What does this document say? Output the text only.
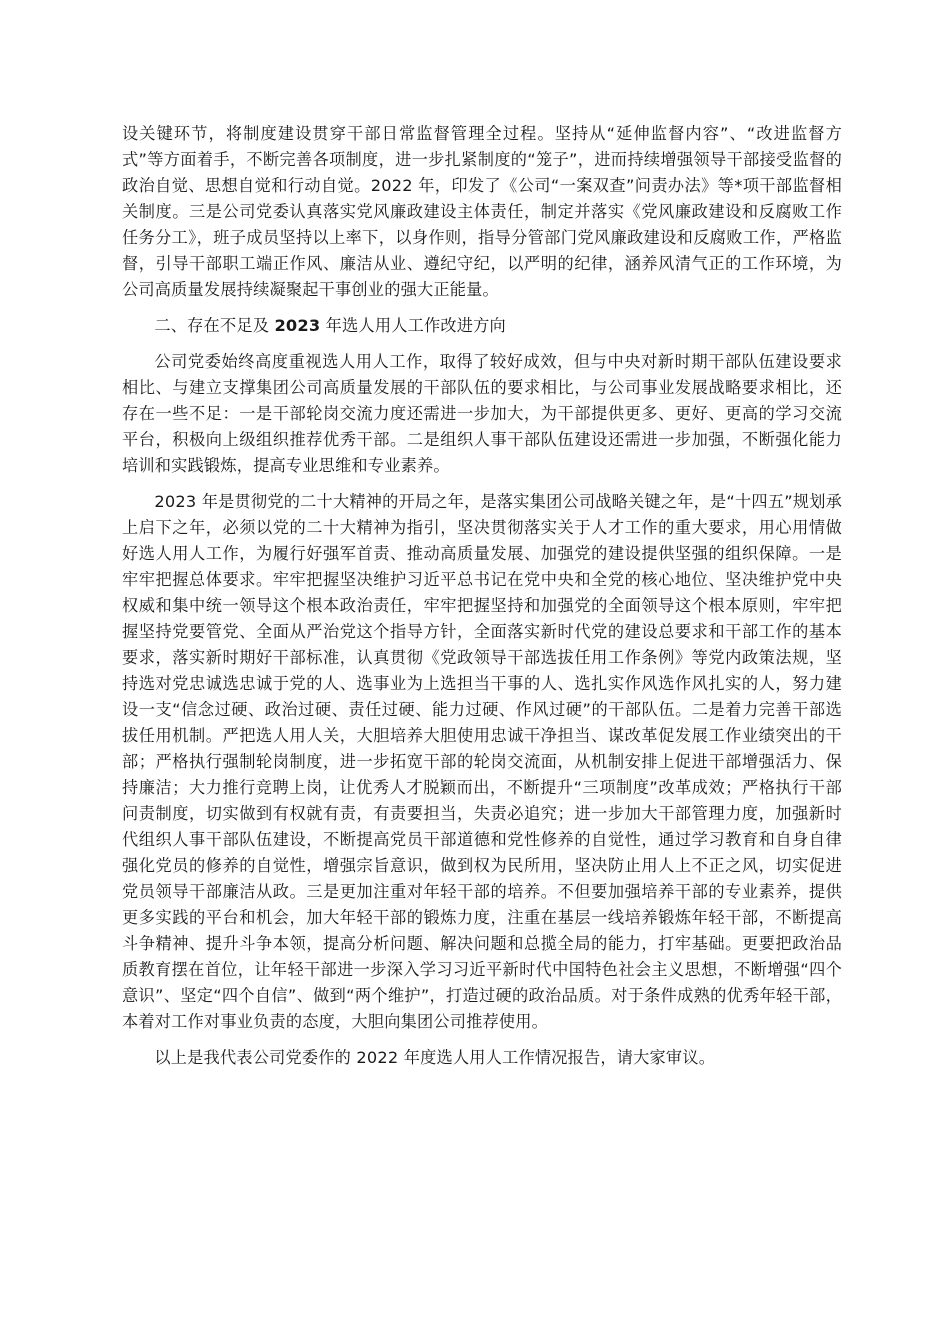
设关键环节，将制度建设贯穿干部日常监督管理全过程。坚持从“延伸监督内容”、“改进监督方式”等方面着手，不断完善各项制度，进一步扎紧制度的“笼子”，进而持续增强领导干部接受监督的政治自觉、思想自觉和行动自觉。2022 年，印发了《公司“一案双查”问责办法》等*项干部监督相关制度。三是公司党委认真落实党风廉政建设主体责任，制定并落实《党风廉政建设和反腐败工作任务分工》，班子成员坚持以上率下，以身作则，指导分管部门党风廉政建设和反腐败工作，严格监督，引导干部职工端正作风、廉洁从业、遵纪守纪，以严明的纪律，涵养风清气正的工作环境，为公司高质量发展持续凝聚起干事创业的强大正能量。

二、存在不足及 2023 年选人用人工作改进方向

公司党委始终高度重视选人用人工作，取得了较好成效，但与中央对新时期干部队伍建设要求相比、与建立支撑集团公司高质量发展的干部队伍的要求相比，与公司事业发展战略要求相比，还存在一些不足：一是干部轮岗交流力度还需进一步加大，为干部提供更多、更好、更高的学习交流平台，积极向上级组织推荐优秀干部。二是组织人事干部队伍建设还需进一步加强，不断强化能力培训和实践锻炼，提高专业思维和专业素养。

2023 年是贯彻党的二十大精神的开局之年，是落实集团公司战略关键之年，是“十四五”规划承上启下之年，必须以党的二十大精神为指引，坚决贯彻落实关于人才工作的重大要求，用心用情做好选人用人工作，为履行好强军首责、推动高质量发展、加强党的建设提供坚强的组织保障。一是牢牢把握总体要求。牢牢把握坚决维护习近平总书记在党中央和全党的核心地位、坚决维护党中央权威和集中统一领导这个根本政治责任，牢牢把握坚持和加强党的全面领导这个根本原则，牢牢把握坚持党要管党、全面从严治党这个指导方针，全面落实新时代党的建设总要求和干部工作的基本要求，落实新时期好干部标准，认真贯彻《党政领导干部选拔任用工作条例》等党内政策法规，坚持选对党忠诚选忠诚于党的人、选事业为上选担当干事的人、选扎实作风选作风扎实的人，努力建设一支“信念过硬、政治过硬、责任过硬、能力过硬、作风过硬”的干部队伍。二是着力完善干部选拔任用机制。严把选人用人关，大胆培养大胆使用忠诚干净担当、谋改革促发展工作业绩突出的干部；严格执行强制轮岗制度，进一步拓宽干部的轮岗交流面，从机制安排上促进干部增强活力、保持廉洁；大力推行竞聘上岗，让优秀人才脱颖而出，不断提升“三项制度”改革成效；严格执行干部问责制度，切实做到有权就有责，有责要担当，失责必追究；进一步加大干部管理力度，加强新时代组织人事干部队伍建设，不断提高党员干部道德和党性修养的自觉性，通过学习教育和自身自律强化党员的修养的自觉性，增强宗旨意识，做到权为民所用，坚决防止用人上不正之风，切实促进党员领导干部廉洁从政。三是更加注重对年轻干部的培养。不但要加强培养干部的专业素养，提供更多实践的平台和机会，加大年轻干部的锻炼力度，注重在基层一线培养锻炼年轻干部，不断提高斗争精神、提升斗争本领，提高分析问题、解决问题和总揽全局的能力，打牢基础。更要把政治品质教育摆在首位，让年轻干部进一步深入学习习近平新时代中国特色社会主义思想，不断增强“四个意识”、坚定“四个自信”、做到“两个维护”，打造过硬的政治品质。对于条件成熟的优秀年轻干部，本着对工作对事业负责的态度，大胆向集团公司推荐使用。

以上是我代表公司党委作的 2022 年度选人用人工作情况报告，请大家审议。
